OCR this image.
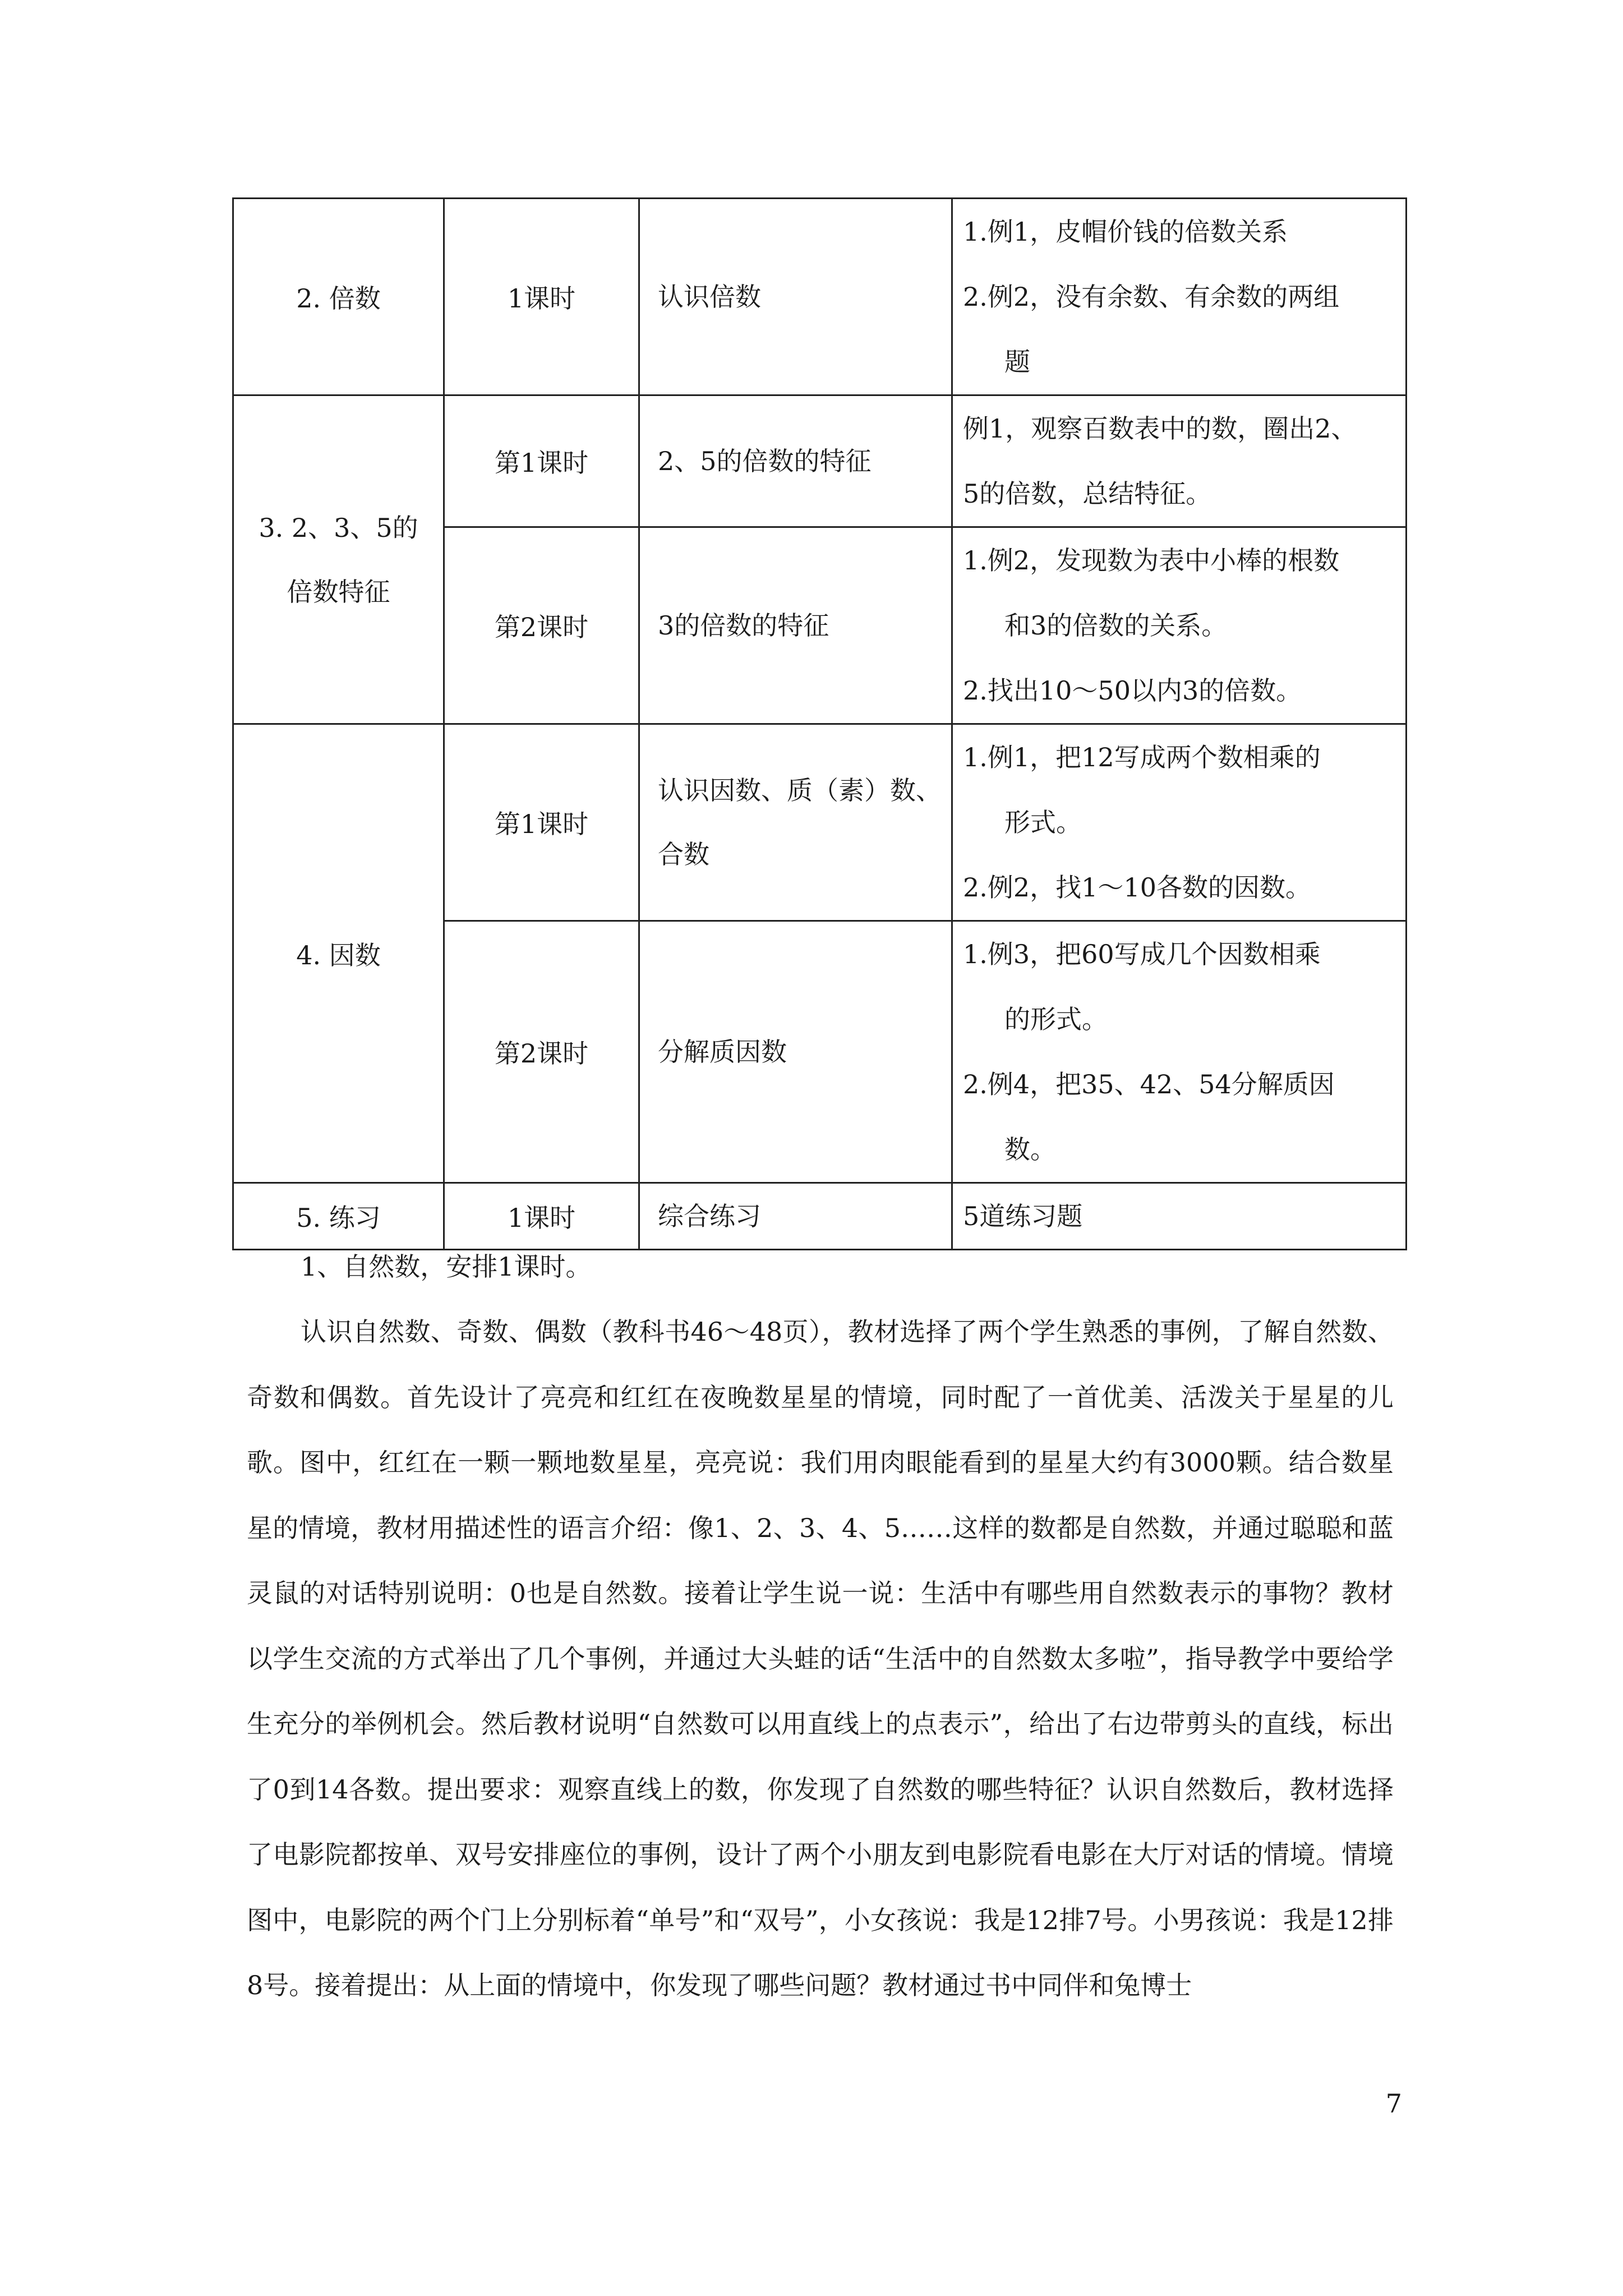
2. 倍数	1课时	认识倍数	1.例1，皮帽价钱的倍数关系
2.例2，没有余数、有余数的两组
题

3. 2、3、5的
倍数特征	第1课时	2、5的倍数的特征	例1，观察百数表中的数，圈出2、
5的倍数，总结特征。

	第2课时	3的倍数的特征	1.例2，发现数为表中小棒的根数
和3的倍数的关系。
2.找出10～50以内3的倍数。

4. 因数	第1课时	认识因数、质（素）数、
合数	1.例1，把12写成两个数相乘的
形式。
2.例2，找1～10各数的因数。

	第2课时	分解质因数	1.例3，把60写成几个因数相乘
的形式。
2.例4，把35、42、54分解质因
数。

5. 练习	1课时	综合练习	5道练习题
1、自然数，安排1课时。

认识自然数、奇数、偶数（教科书46～48页），教材选择了两个学生熟悉的事例，了解自然数、奇数和偶数。首先设计了亮亮和红红在夜晚数星星的情境，同时配了一首优美、活泼关于星星的儿歌。图中，红红在一颗一颗地数星星，亮亮说：我们用肉眼能看到的星星大约有3000颗。结合数星星的情境，教材用描述性的语言介绍：像1、2、3、4、5……这样的数都是自然数，并通过聪聪和蓝灵鼠的对话特别说明：0也是自然数。接着让学生说一说：生活中有哪些用自然数表示的事物？教材以学生交流的方式举出了几个事例，并通过大头蛙的话“生活中的自然数太多啦”，指导教学中要给学生充分的举例机会。然后教材说明“自然数可以用直线上的点表示”，给出了右边带剪头的直线，标出了0到14各数。提出要求：观察直线上的数，你发现了自然数的哪些特征？认识自然数后，教材选择了电影院都按单、双号安排座位的事例，设计了两个小朋友到电影院看电影在大厅对话的情境。情境图中，电影院的两个门上分别标着“单号”和“双号”，小女孩说：我是12排7号。小男孩说：我是12排8号。接着提出：从上面的情境中，你发现了哪些问题？教材通过书中同伴和兔博士

7
